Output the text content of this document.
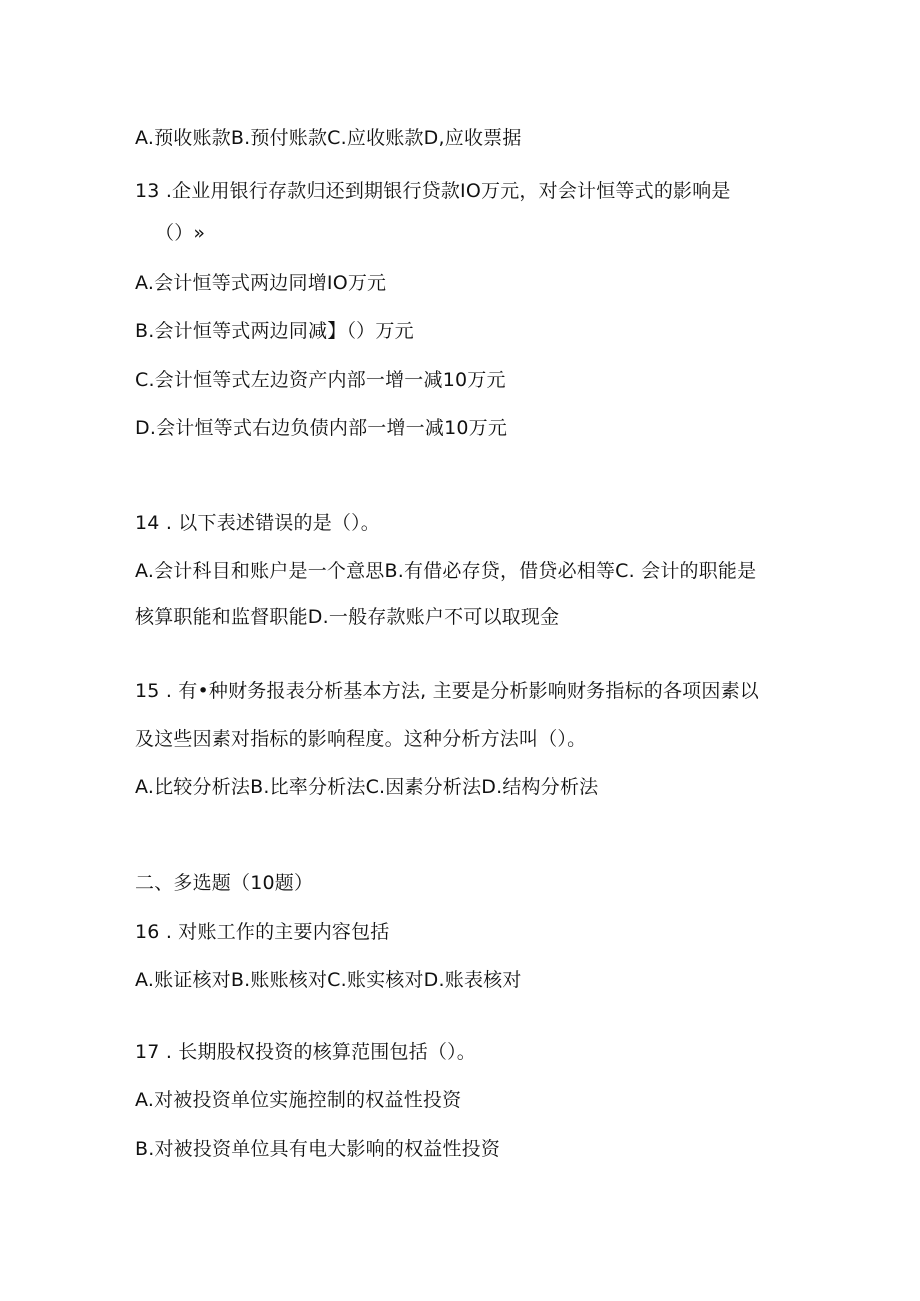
A.预收账款B.预付账款C.应收账款D,应收票据
13 .企业用银行存款归还到期银行贷款IO万元，对会计恒等式的影响是
（）»
A.会计恒等式两边同增IO万元
B.会计恒等式两边同减】（）万元
C.会计恒等式左边资产内部一增一减10万元
D.会计恒等式右边负债内部一增一减10万元
14 . 以下表述错误的是（）。
A.会计科目和账户是一个意思B.有借必存贷，借贷必相等C. 会计的职能是
核算职能和监督职能D.一般存款账户不可以取现金
15 . 有•种财务报表分析基本方法, 主要是分析影响财务指标的各项因素以
及这些因素对指标的影响程度。这种分析方法叫（）。
A.比较分析法B.比率分析法C.因素分析法D.结构分析法
二、多选题（10题）
16 . 对账工作的主要内容包括
A.账证核对B.账账核对C.账实核对D.账表核对
17 . 长期股权投资的核算范围包括（）。
A.对被投资单位实施控制的权益性投资
B.对被投资单位具有电大影响的权益性投资
